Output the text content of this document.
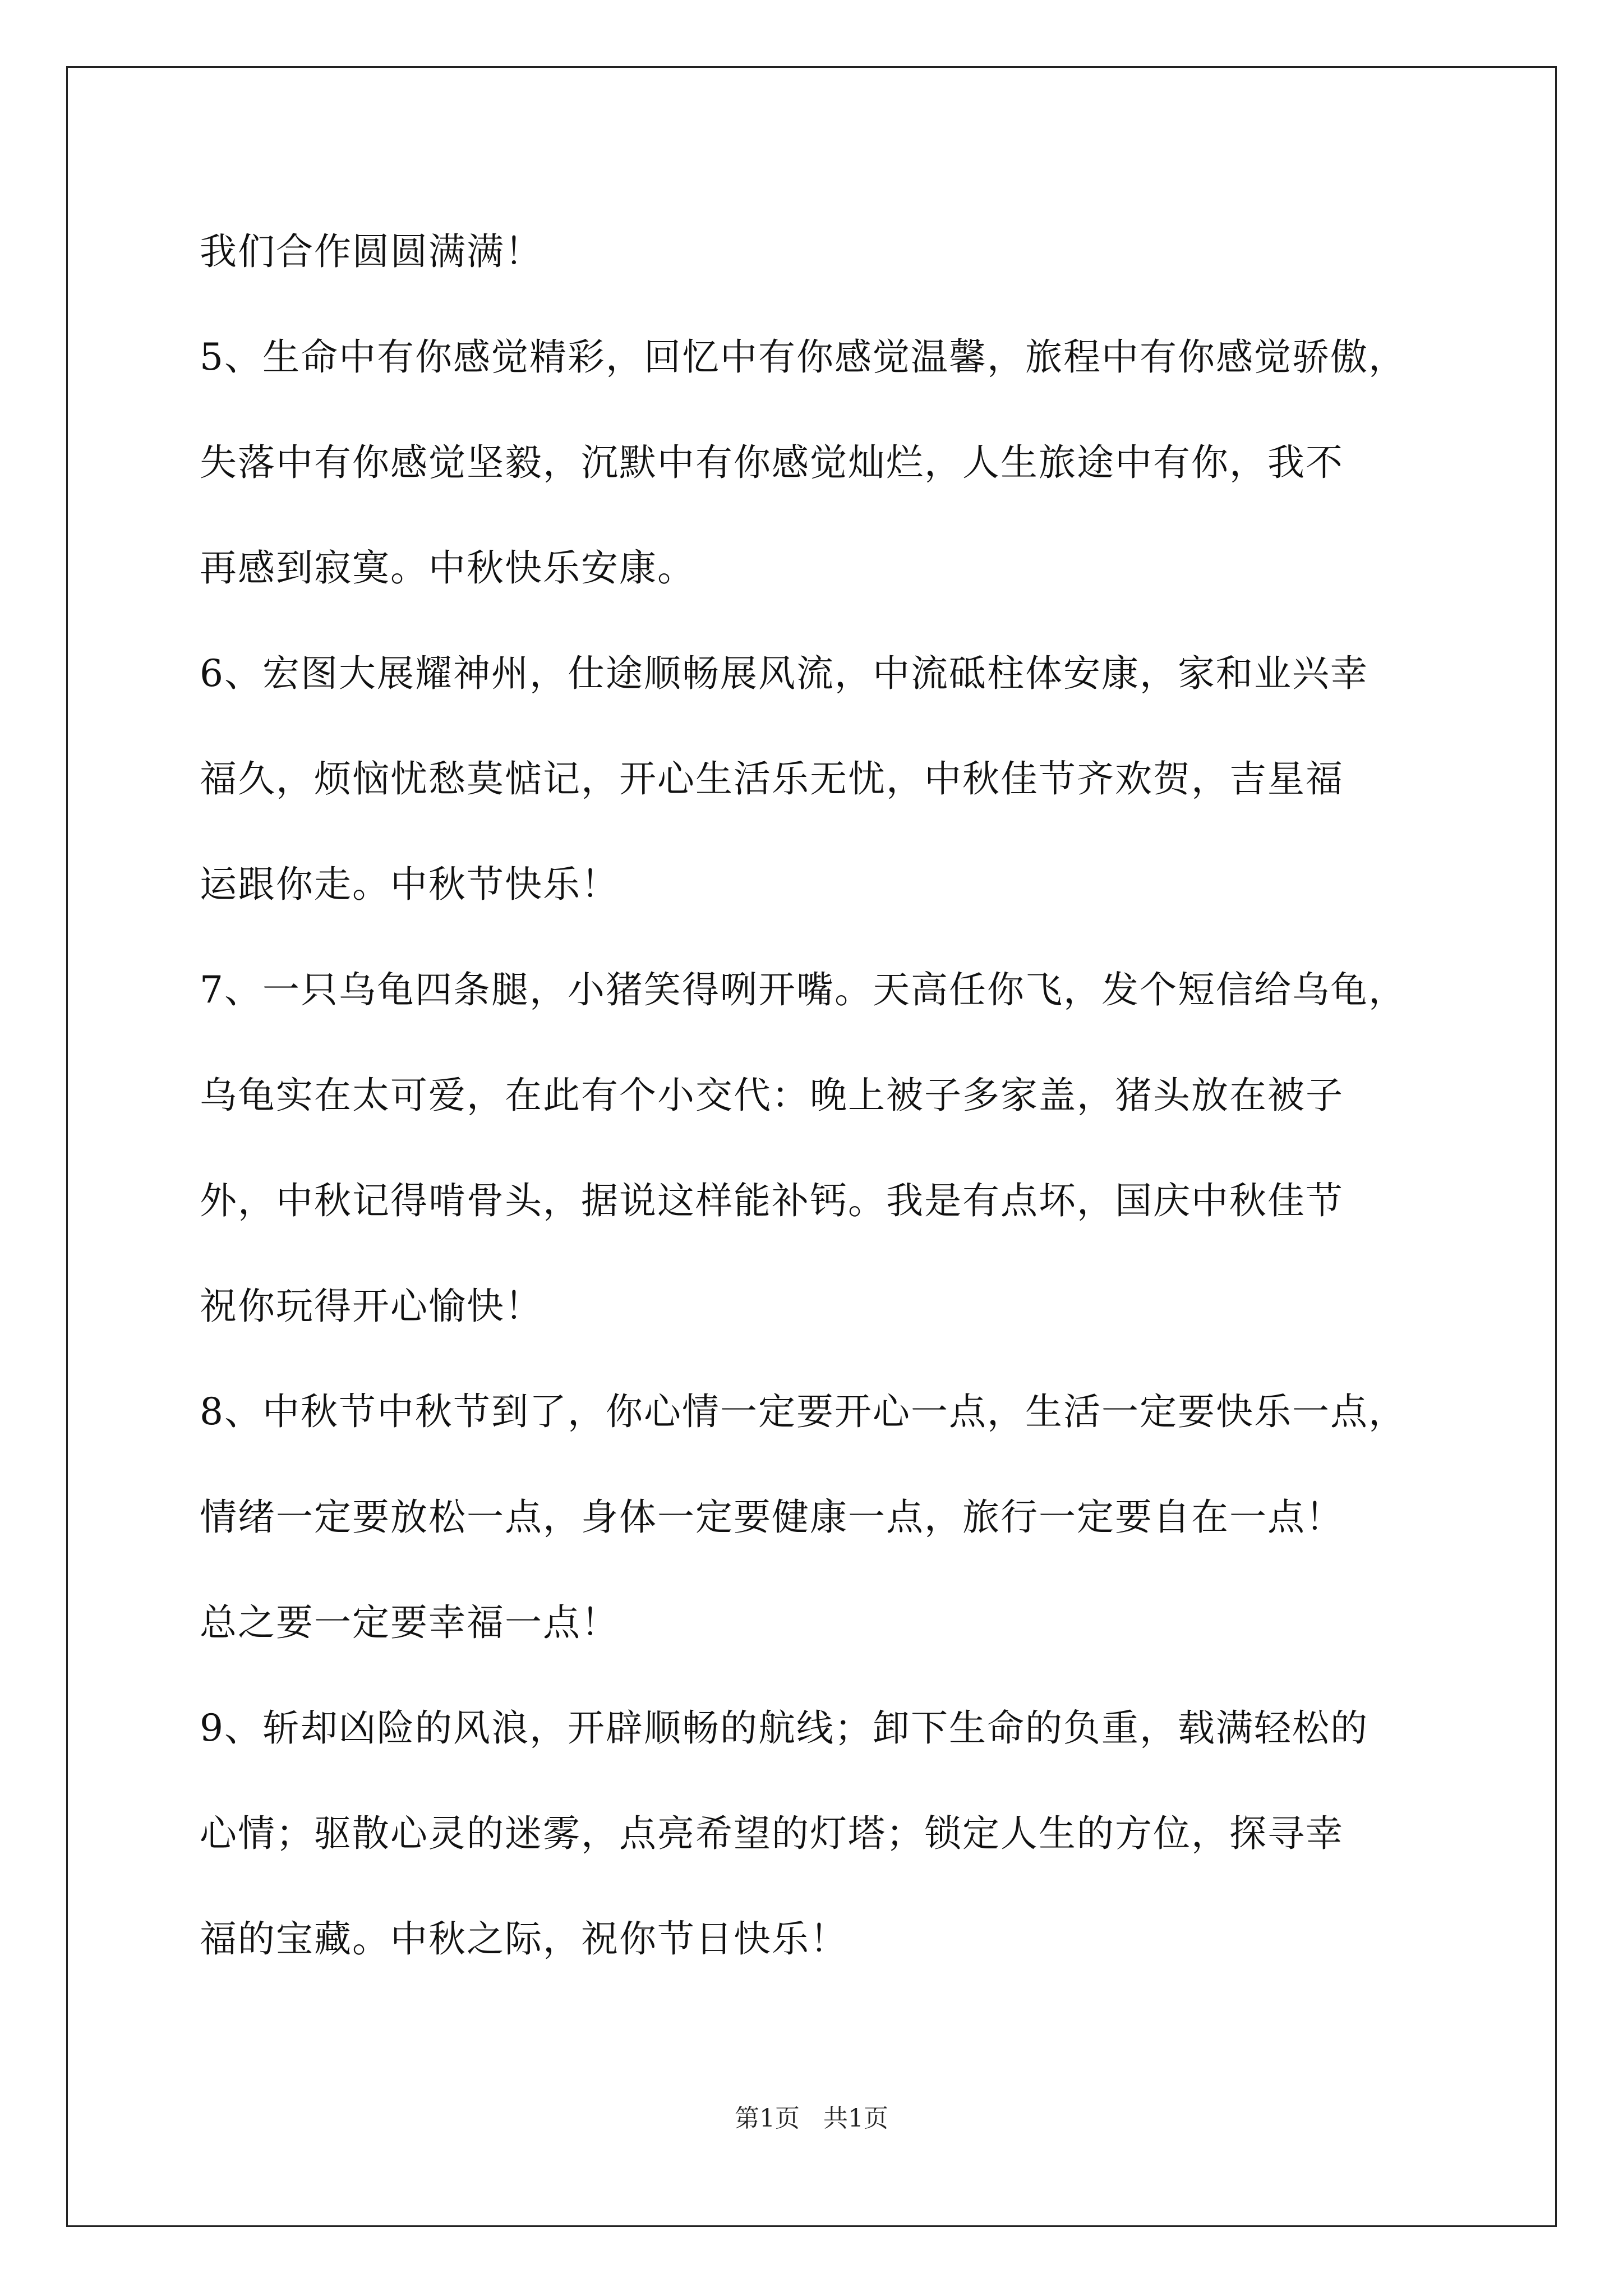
我们合作圆圆满满！
5、生命中有你感觉精彩，回忆中有你感觉温馨，旅程中有你感觉骄傲，
失落中有你感觉坚毅，沉默中有你感觉灿烂，人生旅途中有你，我不
再感到寂寞。中秋快乐安康。
6、宏图大展耀神州，仕途顺畅展风流，中流砥柱体安康，家和业兴幸
福久，烦恼忧愁莫惦记，开心生活乐无忧，中秋佳节齐欢贺，吉星福
运跟你走。中秋节快乐！
7、一只乌龟四条腿，小猪笑得咧开嘴。天高任你飞，发个短信给乌龟，
乌龟实在太可爱，在此有个小交代：晚上被子多家盖，猪头放在被子
外，中秋记得啃骨头，据说这样能补钙。我是有点坏，国庆中秋佳节
祝你玩得开心愉快！
8、中秋节中秋节到了，你心情一定要开心一点，生活一定要快乐一点，
情绪一定要放松一点，身体一定要健康一点，旅行一定要自在一点！
总之要一定要幸福一点！
9、斩却凶险的风浪，开辟顺畅的航线；卸下生命的负重，载满轻松的
心情；驱散心灵的迷雾，点亮希望的灯塔；锁定人生的方位，探寻幸
福的宝藏。中秋之际，祝你节日快乐！
第1页 共1页
